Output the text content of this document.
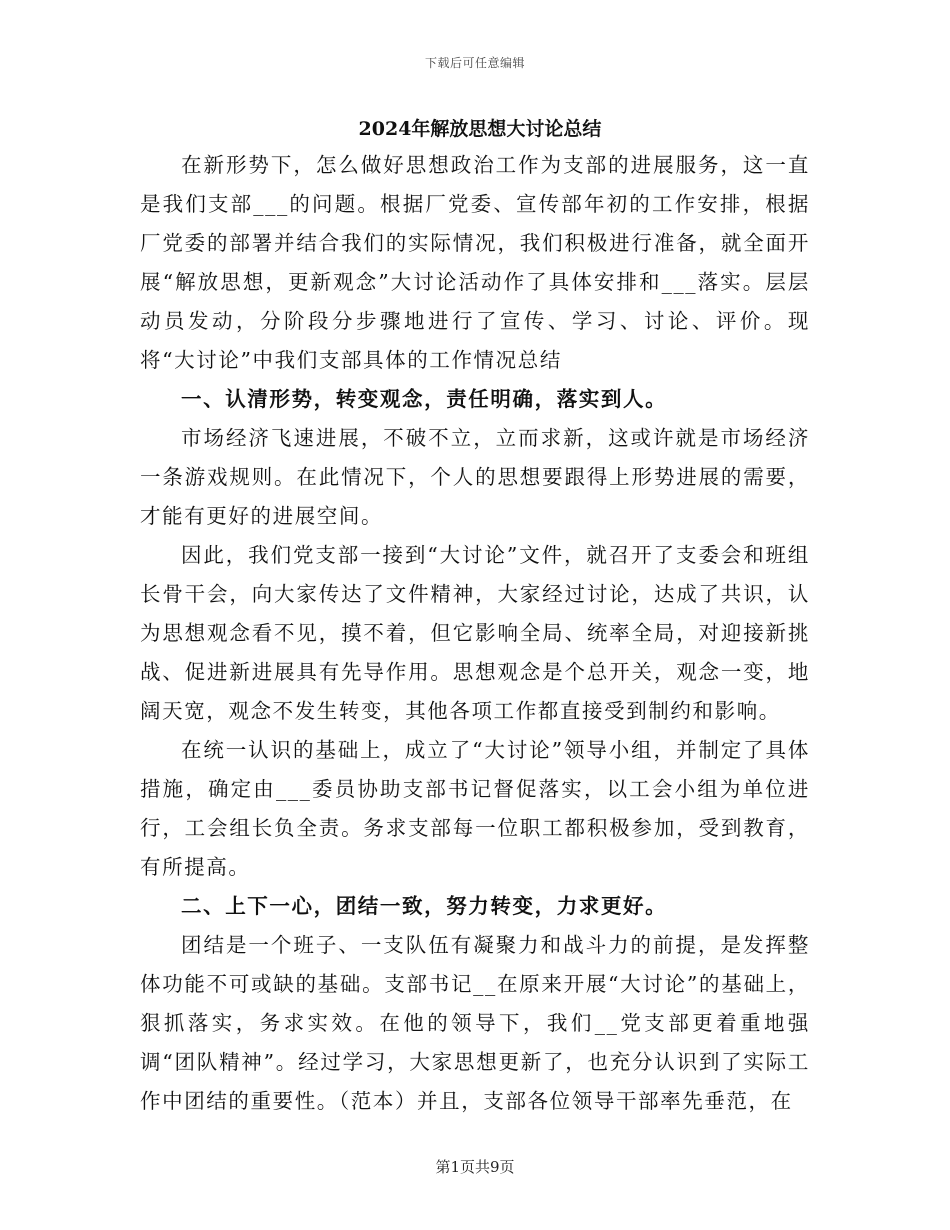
下载后可任意编辑
2024年解放思想大讨论总结

在新形势下，怎么做好思想政治工作为支部的进展服务，这一直是我们支部___的问题。根据厂党委、宣传部年初的工作安排，根据厂党委的部署并结合我们的实际情况，我们积极进行准备，就全面开展“解放思想，更新观念”大讨论活动作了具体安排和___落实。层层动员发动，分阶段分步骤地进行了宣传、学习、讨论、评价。现将“大讨论”中我们支部具体的工作情况总结

一、认清形势，转变观念，责任明确，落实到人。

市场经济飞速进展，不破不立，立而求新，这或许就是市场经济一条游戏规则。在此情况下，个人的思想要跟得上形势进展的需要，才能有更好的进展空间。

因此，我们党支部一接到“大讨论”文件，就召开了支委会和班组长骨干会，向大家传达了文件精神，大家经过讨论，达成了共识，认为思想观念看不见，摸不着，但它影响全局、统率全局，对迎接新挑战、促进新进展具有先导作用。思想观念是个总开关，观念一变，地阔天宽，观念不发生转变，其他各项工作都直接受到制约和影响。

在统一认识的基础上，成立了“大讨论”领导小组，并制定了具体措施，确定由___委员协助支部书记督促落实，以工会小组为单位进行，工会组长负全责。务求支部每一位职工都积极参加，受到教育，有所提高。

二、上下一心，团结一致，努力转变，力求更好。

团结是一个班子、一支队伍有凝聚力和战斗力的前提，是发挥整体功能不可或缺的基础。支部书记__在原来开展“大讨论”的基础上，狠抓落实，务求实效。在他的领导下，我们__党支部更着重地强调“团队精神”。经过学习，大家思想更新了，也充分认识到了实际工作中团结的重要性。（范本）并且，支部各位领导干部率先垂范，在

第1页共9页
